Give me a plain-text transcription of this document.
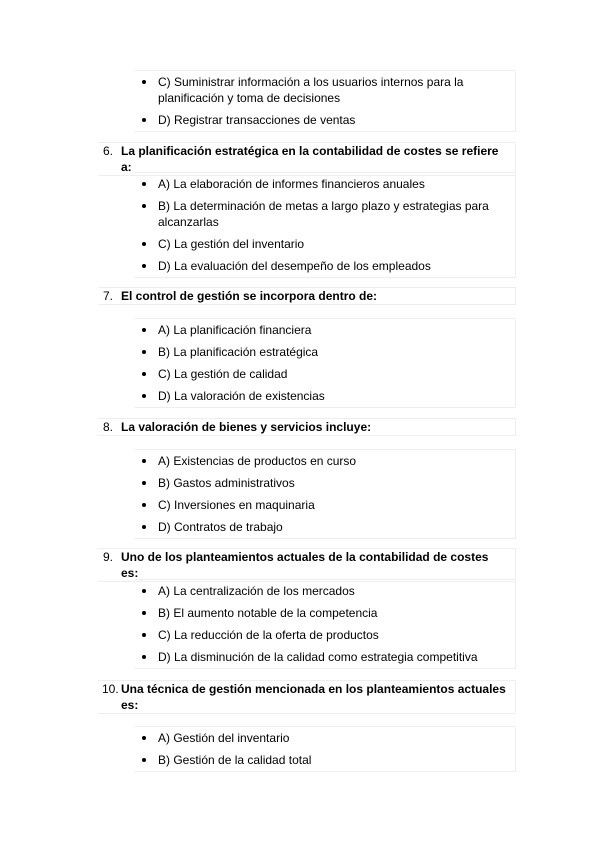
C) Suministrar información a los usuarios internos para la planificación y toma de decisiones
D) Registrar transacciones de ventas
6. La planificación estratégica en la contabilidad de costes se refiere a:
A) La elaboración de informes financieros anuales
B) La determinación de metas a largo plazo y estrategias para alcanzarlas
C) La gestión del inventario
D) La evaluación del desempeño de los empleados
7. El control de gestión se incorpora dentro de:
A) La planificación financiera
B) La planificación estratégica
C) La gestión de calidad
D) La valoración de existencias
8. La valoración de bienes y servicios incluye:
A) Existencias de productos en curso
B) Gastos administrativos
C) Inversiones en maquinaria
D) Contratos de trabajo
9. Uno de los planteamientos actuales de la contabilidad de costes es:
A) La centralización de los mercados
B) El aumento notable de la competencia
C) La reducción de la oferta de productos
D) La disminución de la calidad como estrategia competitiva
10. Una técnica de gestión mencionada en los planteamientos actuales es:
A) Gestión del inventario
B) Gestión de la calidad total
